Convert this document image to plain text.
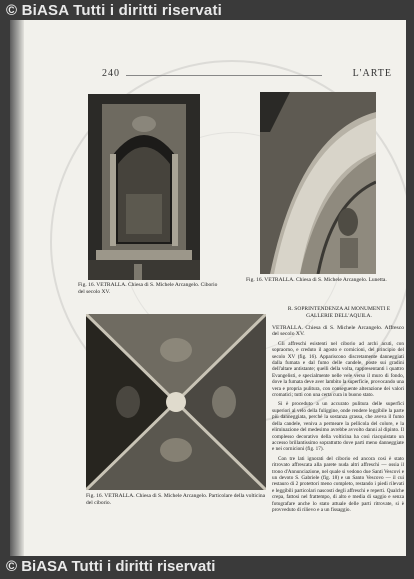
© BiASA Tutti i diritti riservati
240	L'ARTE
Fig. 16. VETRALLA. Chiesa di S. Michele Arcangelo. Ciborio del secolo XV.
Fig. 16. VETRALLA. Chiesa di S. Michele Arcangelo. Lunetta.
R. SOPRINTENDENZA AI MONUMENTI E GALLERIE DELL'AQUILA.
Fig. 16. VETRALLA. Chiesa di S. Michele Arcangelo. Particolare della volticina del ciborio.
VETRALLA. Chiesa di S. Michele Arcangelo. Affresco del secolo XV.

Gli affreschi esistenti nel ciborio ad archi acuti, con sopraorno, e creduto il agosto e cornicioni, del principio del secolo XV (fig. 16). Appariscono discretamente danneggiati dalla fumata e dal fumo delle candele, poste sui gradini dell'altare antistante; quelli della volta, rappresentanti i quattro Evangelisti, e specialmente nelle vele verso il muro di fondo, dove la fumata deve aver lambito la superficie, provocando una vera e propria pulitura, con conseguente alterazione dei valori cromatici; tutti con una certa cura in buono stato.

Si è proceduto a un accurato pulitura delle superfici superiori al velo della fuliggine, onde rendere leggibile la parte più danneggiata, perché la sostanza grassa, che aveva il fumo della candele, veniva a permeare la pellicola del colore, e la eliminazione del medesimo avrebbe avvolto danni al dipinto. Il complesso decorativo della volticina ha così riacquistato un accesso brillantissimo soprattutto dove parti meno danneggiate e nei cornicioni (fig. 17).

Con tre lati ignorati del ciborio ed ancora così è stato ritrovato affrescata alla parete nuda altri affreschi — ossia il trono d'Annunciazione, nel quale si vedono due Santi Vescovi e un devoto S. Gabriele (fig. 18) e un Santo Vescovo — il cui restauro di 2 protettori meno completo, restando i piedi rilevati e leggibili particolari nascosti degli affreschi e reperti. Qualche crepa, fattosi nel frattempo, di alto e media di saggio e senza fotografare anche lo stato attuale delle parti ritrovate, si è provveduto di rilievo e a un fissaggio.

© BiASA Tutti i diritti riservati
